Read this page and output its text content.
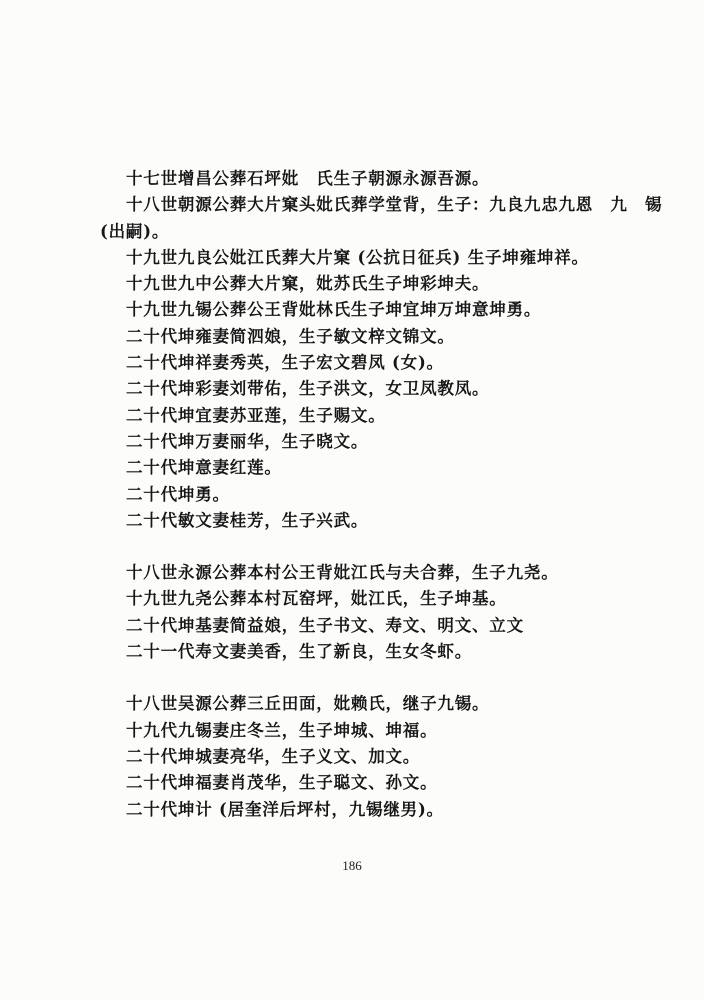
十七世增昌公葬石坪妣　氏生子朝源永源吾源。
十八世朝源公葬大片窠头妣氏葬学堂背，生子：九良九忠九恩　九　锡
(出嗣)。
十九世九良公妣江氏葬大片窠 (公抗日征兵) 生子坤雍坤祥。
十九世九中公葬大片窠，妣苏氏生子坤彩坤夫。
十九世九锡公葬公王背妣林氏生子坤宜坤万坤意坤勇。
二十代坤雍妻简泗娘，生子敏文梓文锦文。
二十代坤祥妻秀英，生子宏文碧凤 (女)。
二十代坤彩妻刘带佑，生子洪文，女卫凤教凤。
二十代坤宜妻苏亚莲，生子赐文。
二十代坤万妻丽华，生子晓文。
二十代坤意妻红莲。
二十代坤勇。
二十代敏文妻桂芳，生子兴武。
十八世永源公葬本村公王背妣江氏与夫合葬，生子九尧。
十九世九尧公葬本村瓦窑坪，妣江氏，生子坤基。
二十代坤基妻简益娘，生子书文、寿文、明文、立文
二十一代寿文妻美香，生了新良，生女冬虾。
十八世吴源公葬三丘田面，妣赖氏，继子九锡。
十九代九锡妻庄冬兰，生子坤城、坤福。
二十代坤城妻亮华，生子义文、加文。
二十代坤福妻肖茂华，生子聪文、孙文。
二十代坤计 (居奎洋后坪村，九锡继男)。
186
